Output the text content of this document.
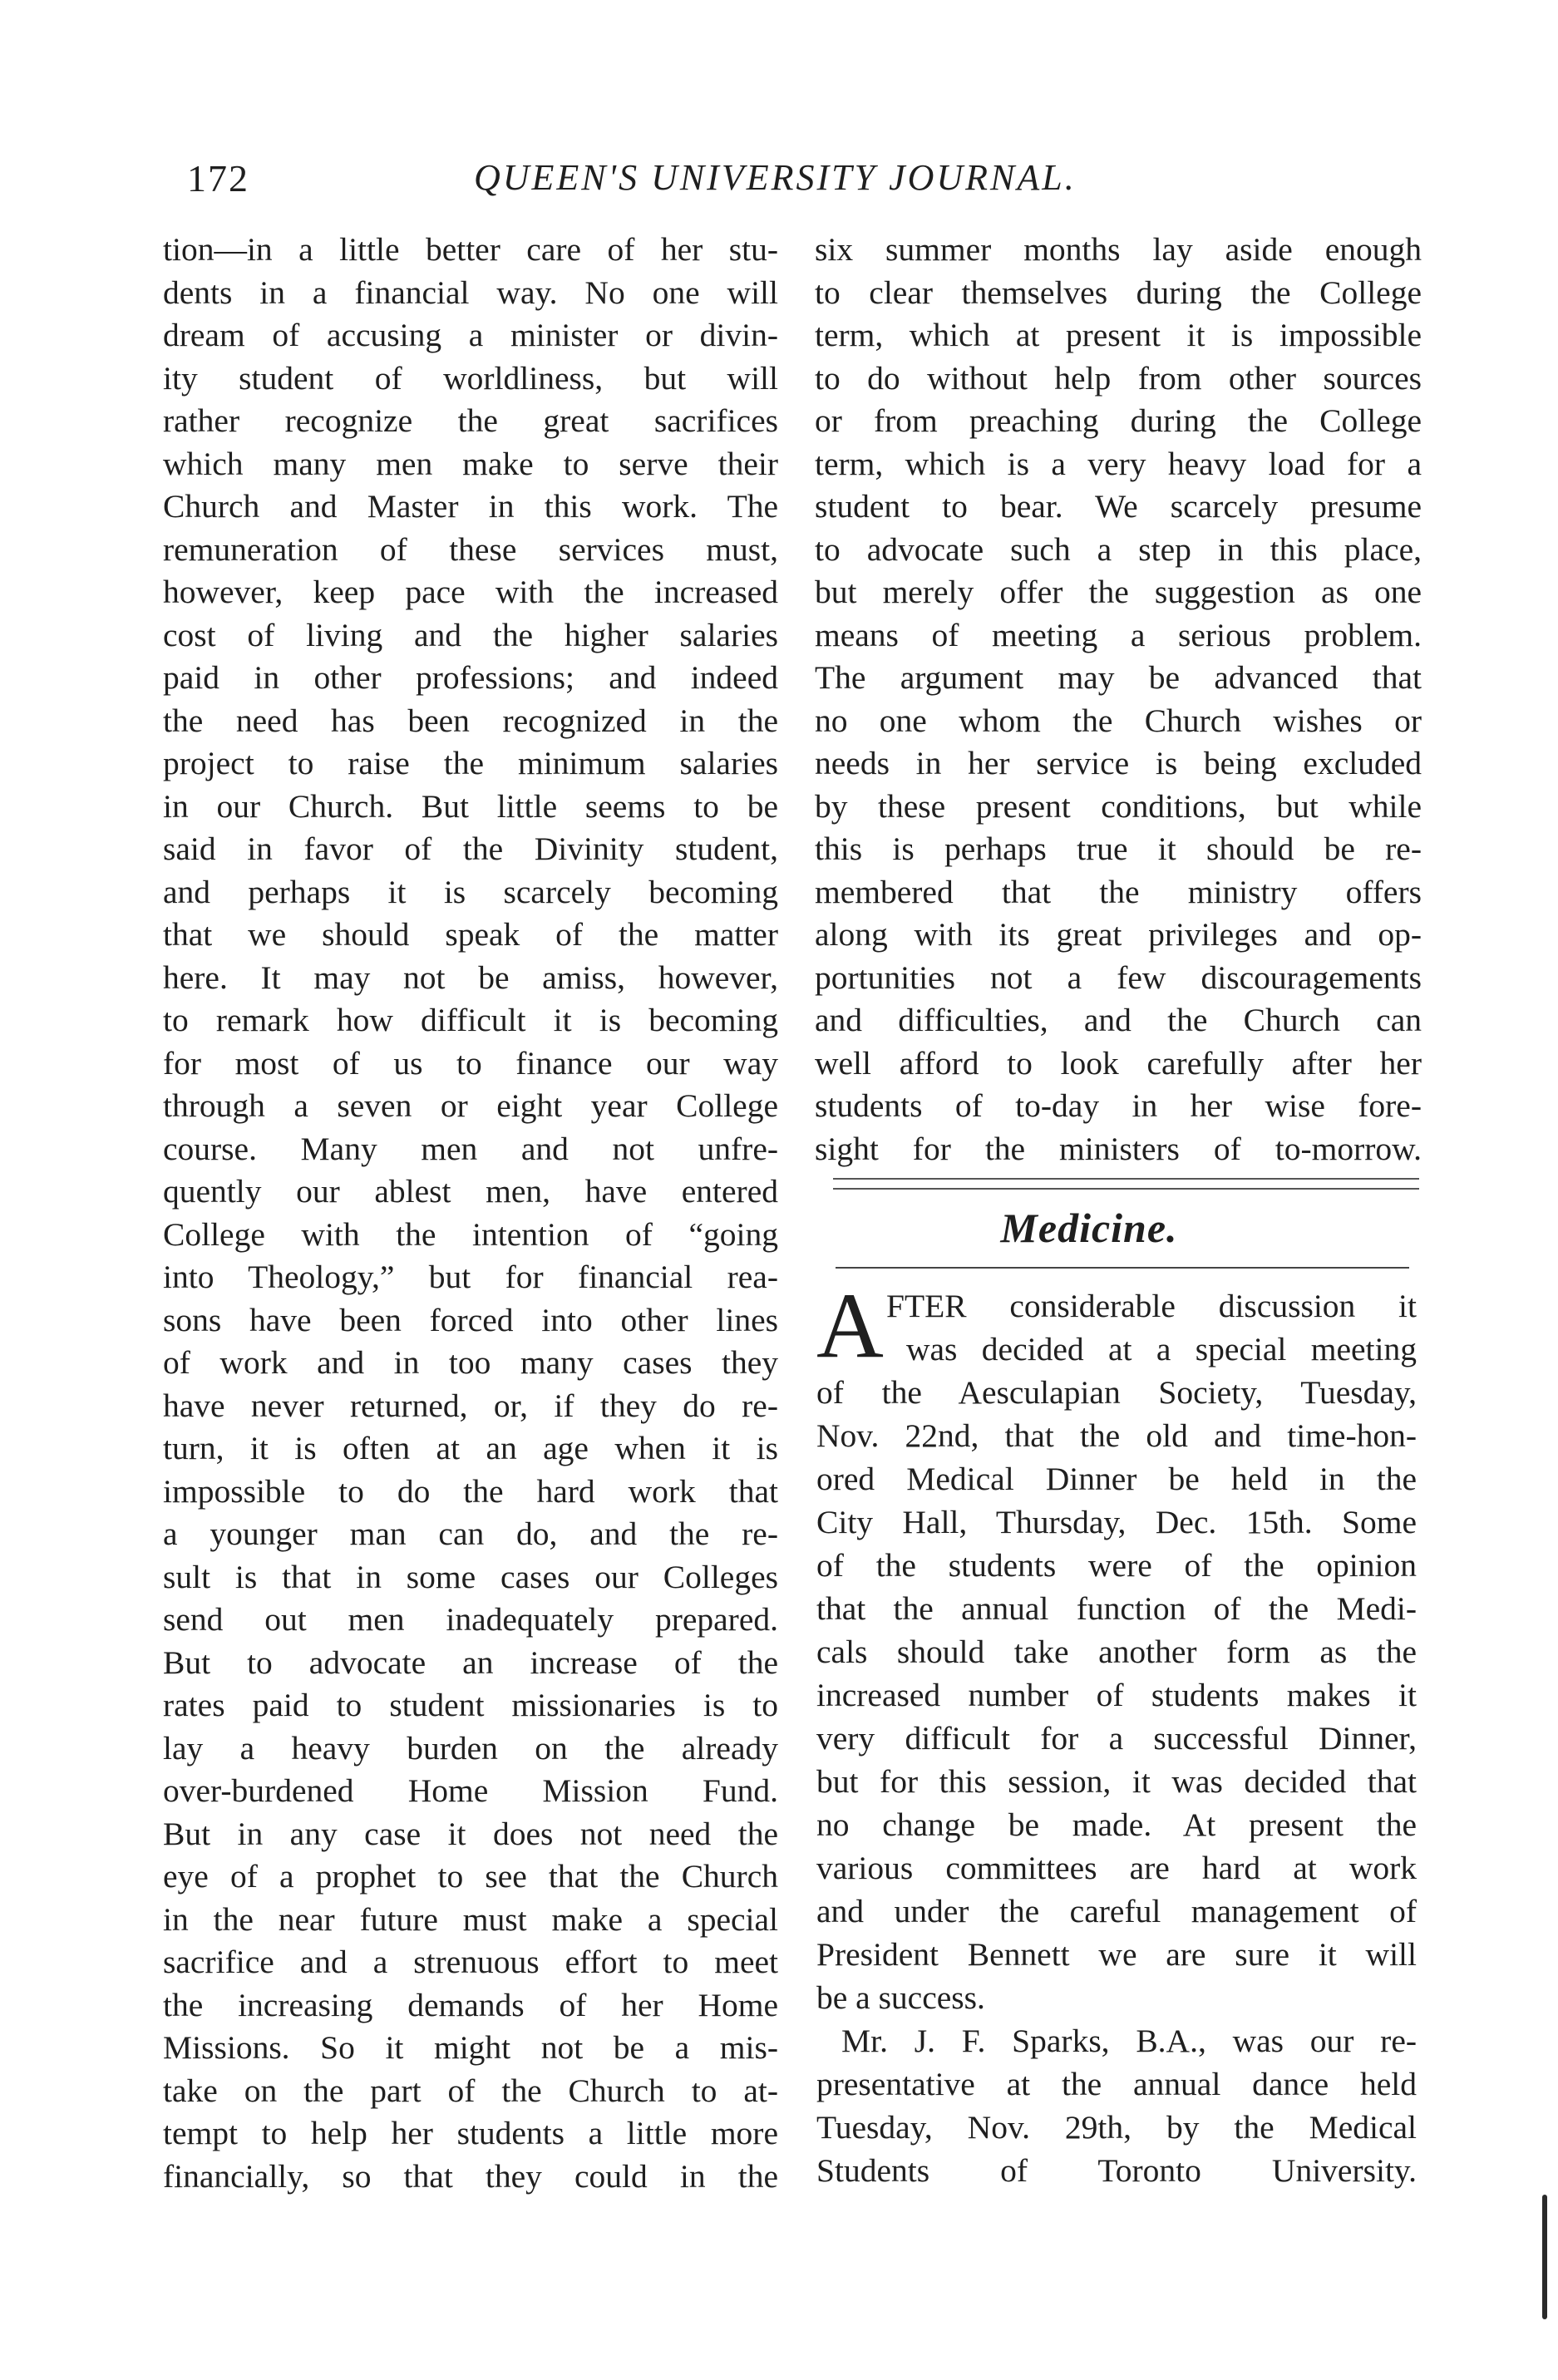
172	QUEEN'S UNIVERSITY JOURNAL.
tion—in a little better care of her stu-
dents in a financial way. No one will
dream of accusing a minister or divin-
ity student of worldliness, but will
rather recognize the great sacrifices
which many men make to serve their
Church and Master in this work. The
remuneration of these services must,
however, keep pace with the increased
cost of living and the higher salaries
paid in other professions; and indeed
the need has been recognized in the
project to raise the minimum salaries
in our Church. But little seems to be
said in favor of the Divinity student,
and perhaps it is scarcely becoming
that we should speak of the matter
here. It may not be amiss, however,
to remark how difficult it is becoming
for most of us to finance our way
through a seven or eight year College
course. Many men and not unfre-
quently our ablest men, have entered
College with the intention of “going
into Theology,” but for financial rea-
sons have been forced into other lines
of work and in too many cases they
have never returned, or, if they do re-
turn, it is often at an age when it is
impossible to do the hard work that
a younger man can do, and the re-
sult is that in some cases our Colleges
send out men inadequately prepared.
But to advocate an increase of the
rates paid to student missionaries is to
lay a heavy burden on the already
over-burdened Home Mission Fund.
But in any case it does not need the
eye of a prophet to see that the Church
in the near future must make a special
sacrifice and a strenuous effort to meet
the increasing demands of her Home
Missions. So it might not be a mis-
take on the part of the Church to at-
tempt to help her students a little more
financially, so that they could in the
six summer months lay aside enough
to clear themselves during the College
term, which at present it is impossible
to do without help from other sources
or from preaching during the College
term, which is a very heavy load for a
student to bear. We scarcely presume
to advocate such a step in this place,
but merely offer the suggestion as one
means of meeting a serious problem.
The argument may be advanced that
no one whom the Church wishes or
needs in her service is being excluded
by these present conditions, but while
this is perhaps true it should be re-
membered that the ministry offers
along with its great privileges and op-
portunities not a few discouragements
and difficulties, and the Church can
well afford to look carefully after her
students of to-day in her wise fore-
sight for the ministers of to-morrow.
Medicine.
A FTER considerable discussion it
was decided at a special meeting
of the Aesculapian Society, Tuesday,
Nov. 22nd, that the old and time-hon-
ored Medical Dinner be held in the
City Hall, Thursday, Dec. 15th. Some
of the students were of the opinion
that the annual function of the Medi-
cals should take another form as the
increased number of students makes it
very difficult for a successful Dinner,
but for this session, it was decided that
no change be made. At present the
various committees are hard at work
and under the careful management of
President Bennett we are sure it will
be a success.
Mr. J. F. Sparks, B.A., was our re-
presentative at the annual dance held
Tuesday, Nov. 29th, by the Medical
Students of Toronto University.
